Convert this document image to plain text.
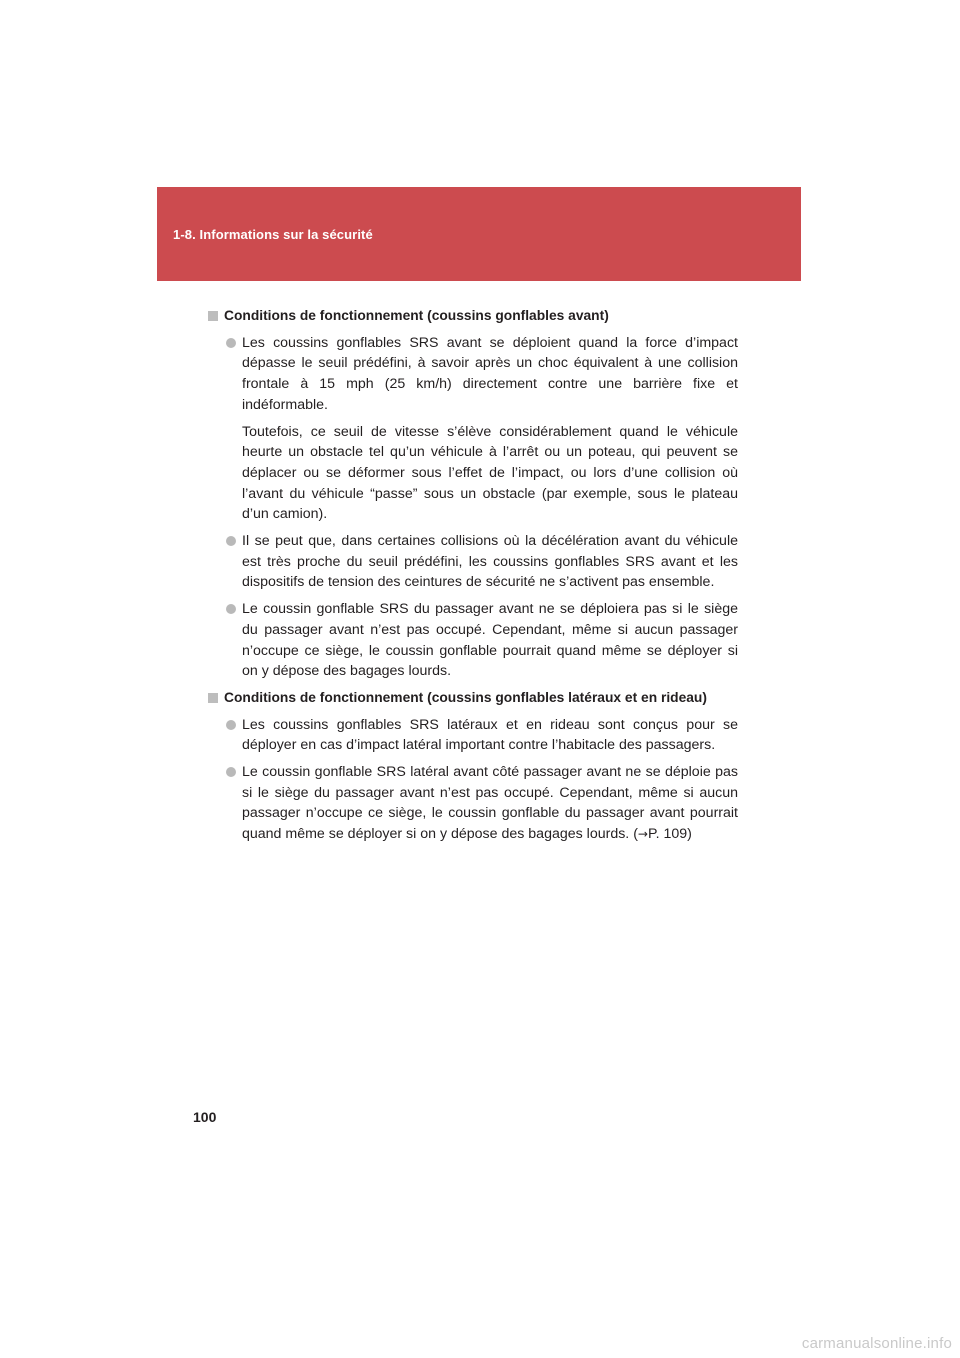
1-8. Informations sur la sécurité
Conditions de fonctionnement (coussins gonflables avant)

Les coussins gonflables SRS avant se déploient quand la force d’impact dépasse le seuil prédéfini, à savoir après un choc équivalent à une collision frontale à 15 mph (25 km/h) directement contre une barrière fixe et indéformable.

Toutefois, ce seuil de vitesse s’élève considérablement quand le véhicule heurte un obstacle tel qu’un véhicule à l’arrêt ou un poteau, qui peuvent se déplacer ou se déformer sous l’effet de l’impact, ou lors d’une collision où l’avant du véhicule “passe” sous un obstacle (par exemple, sous le plateau d’un camion).

Il se peut que, dans certaines collisions où la décélération avant du véhicule est très proche du seuil prédéfini, les coussins gonflables SRS avant et les dispositifs de tension des ceintures de sécurité ne s’activent pas ensemble.

Le coussin gonflable SRS du passager avant ne se déploiera pas si le siège du passager avant n’est pas occupé. Cependant, même si aucun passager n’occupe ce siège, le coussin gonflable pourrait quand même se déployer si on y dépose des bagages lourds.

Conditions de fonctionnement (coussins gonflables latéraux et en rideau)

Les coussins gonflables SRS latéraux et en rideau sont conçus pour se déployer en cas d’impact latéral important contre l’habitacle des passagers.

Le coussin gonflable SRS latéral avant côté passager avant ne se déploie pas si le siège du passager avant n’est pas occupé. Cependant, même si aucun passager n’occupe ce siège, le coussin gonflable du passager avant pourrait quand même se déployer si on y dépose des bagages lourds. (→P. 109)

100
carmanualsonline.info
